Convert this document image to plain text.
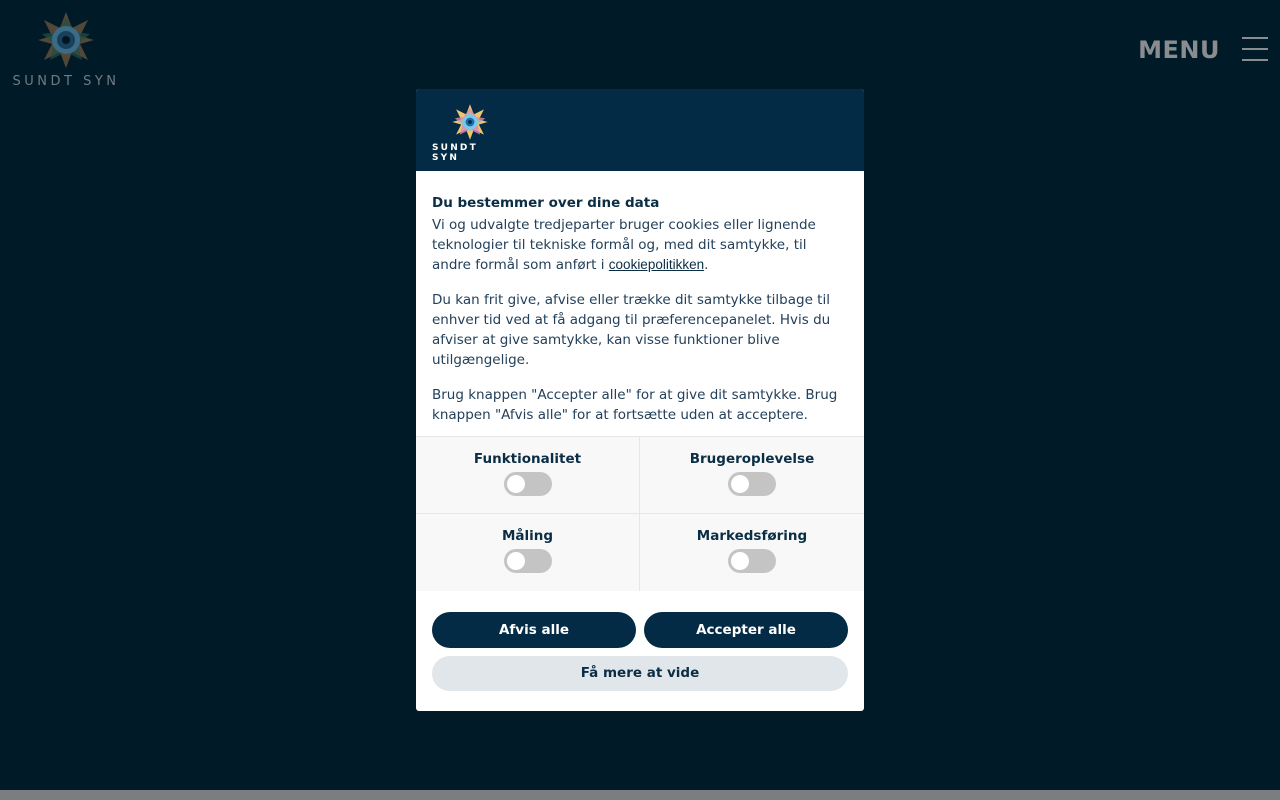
SUNDT SYN
MENU
SUNDT SYN
Du bestemmer over dine data

Vi og udvalgte tredjeparter bruger cookies eller lignende teknologier til tekniske formål og, med dit samtykke, til andre formål som anført i cookiepolitikken.

Du kan frit give, afvise eller trække dit samtykke tilbage til enhver tid ved at få adgang til præferencepanelet. Hvis du afviser at give samtykke, kan visse funktioner blive utilgængelige.

Brug knappen "Accepter alle" for at give dit samtykke. Brug knappen "Afvis alle" for at fortsætte uden at acceptere.

Funktionalitet	Brugeroplevelse
Måling	Markedsføring
Afvis alle	Accepter alle
Få mere at vide
